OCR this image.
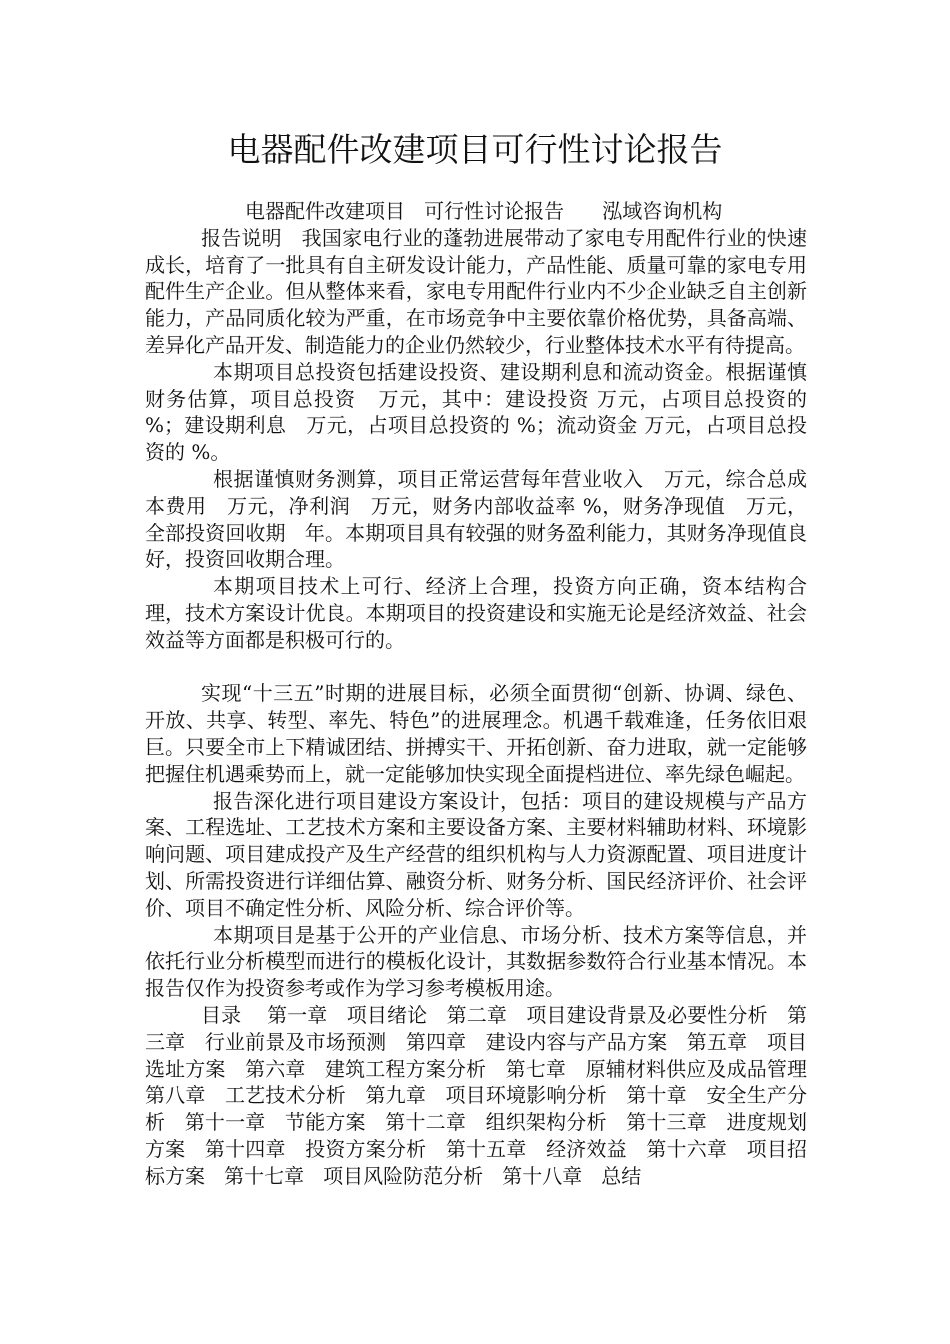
电器配件改建项目可行性讨论报告

电器配件改建项目   可行性讨论报告      泓域咨询机构

报告说明   我国家电行业的蓬勃进展带动了家电专用配件行业的快速成长，培育了一批具有自主研发设计能力，产品性能、质量可靠的家电专用配件生产企业。但从整体来看，家电专用配件行业内不少企业缺乏自主创新能力，产品同质化较为严重，在市场竞争中主要依靠价格优势，具备高端、差异化产品开发、制造能力的企业仍然较少，行业整体技术水平有待提高。

本期项目总投资包括建设投资、建设期利息和流动资金。根据谨慎财务估算，项目总投资   万元，其中：建设投资 万元，占项目总投资的 %；建设期利息   万元，占项目总投资的 %；流动资金 万元，占项目总投资的 %。

根据谨慎财务测算，项目正常运营每年营业收入   万元，综合总成本费用   万元，净利润   万元，财务内部收益率 %，财务净现值   万元，全部投资回收期   年。本期项目具有较强的财务盈利能力，其财务净现值良好，投资回收期合理。

本期项目技术上可行、经济上合理，投资方向正确，资本结构合理，技术方案设计优良。本期项目的投资建设和实施无论是经济效益、社会效益等方面都是积极可行的。

实现“十三五”时期的进展目标，必须全面贯彻“创新、协调、绿色、开放、共享、转型、率先、特色”的进展理念。机遇千载难逢，任务依旧艰巨。只要全市上下精诚团结、拼搏实干、开拓创新、奋力进取，就一定能够把握住机遇乘势而上，就一定能够加快实现全面提档进位、率先绿色崛起。

报告深化进行项目建设方案设计，包括：项目的建设规模与产品方案、工程选址、工艺技术方案和主要设备方案、主要材料辅助材料、环境影响问题、项目建成投产及生产经营的组织机构与人力资源配置、项目进度计划、所需投资进行详细估算、融资分析、财务分析、国民经济评价、社会评价、项目不确定性分析、风险分析、综合评价等。

本期项目是基于公开的产业信息、市场分析、技术方案等信息，并依托行业分析模型而进行的模板化设计，其数据参数符合行业基本情况。本报告仅作为投资参考或作为学习参考模板用途。

目录    第一章   项目绪论   第二章   项目建设背景及必要性分析   第三章   行业前景及市场预测   第四章   建设内容与产品方案   第五章   项目选址方案   第六章   建筑工程方案分析   第七章   原辅材料供应及成品管理   第八章   工艺技术分析   第九章   项目环境影响分析   第十章   安全生产分析   第十一章   节能方案   第十二章   组织架构分析   第十三章   进度规划方案   第十四章   投资方案分析   第十五章   经济效益   第十六章   项目招标方案   第十七章   项目风险防范分析   第十八章   总结
